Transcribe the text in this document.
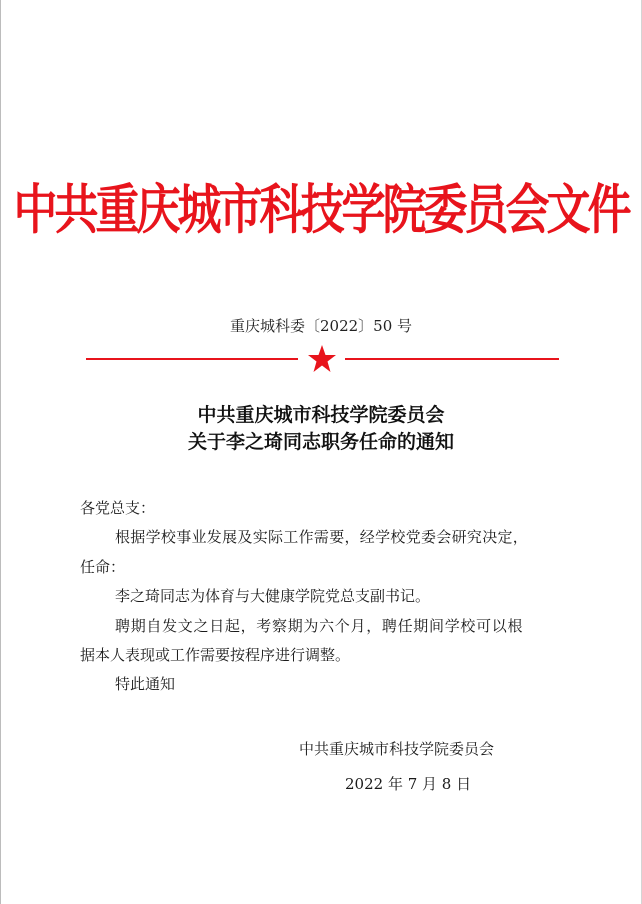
中共重庆城市科技学院委员会文件
重庆城科委〔2022〕50 号
中共重庆城市科技学院委员会
关于李之琦同志职务任命的通知
各党总支：
根据学校事业发展及实际工作需要，经学校党委会研究决定，
任命：
李之琦同志为体育与大健康学院党总支副书记。
聘期自发文之日起，考察期为六个月，聘任期间学校可以根
据本人表现或工作需要按程序进行调整。
特此通知
中共重庆城市科技学院委员会
2022 年 7 月 8 日
